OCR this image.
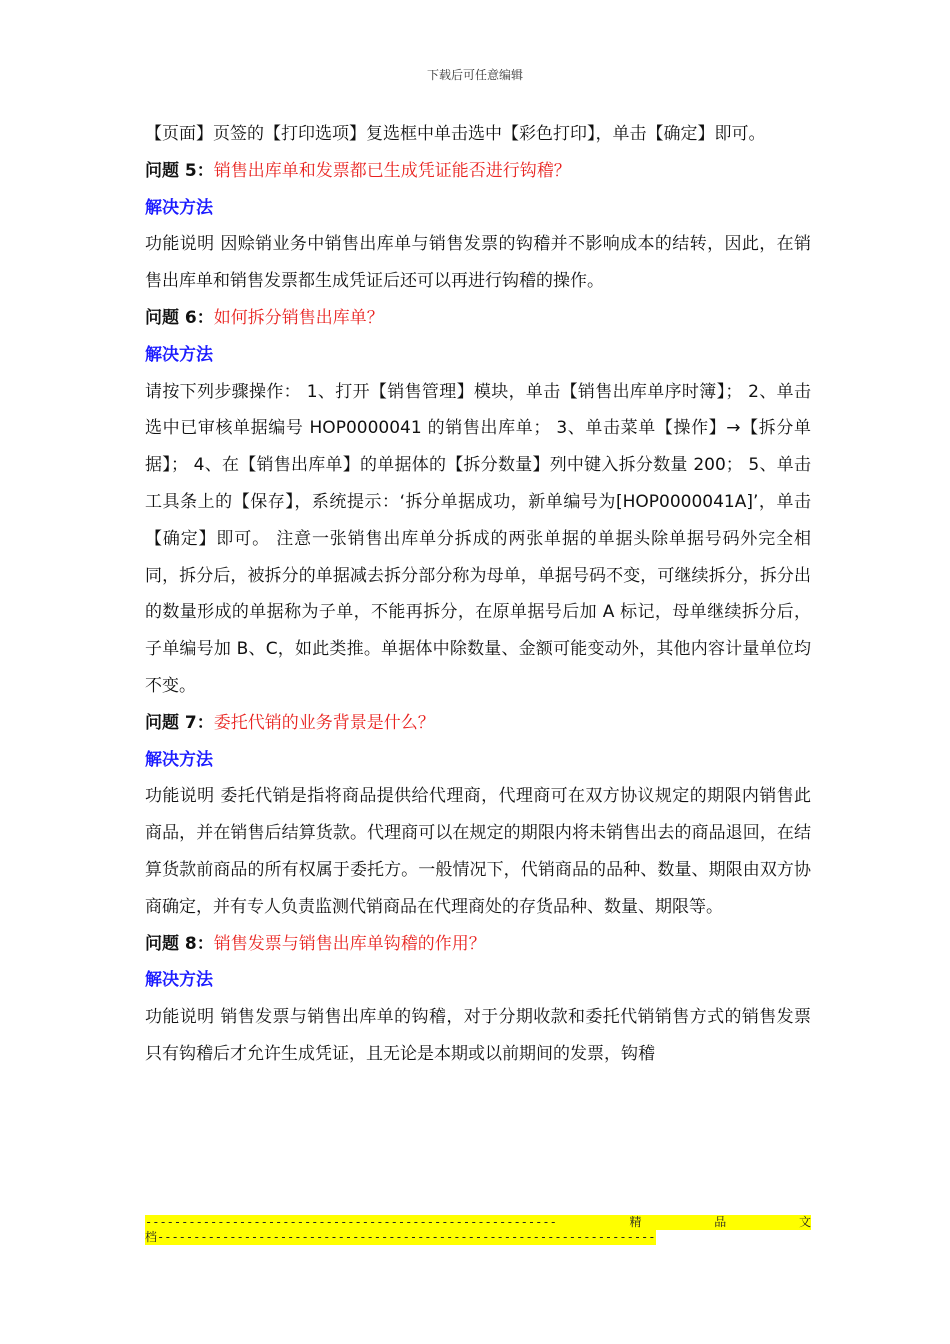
下载后可任意编辑

【页面】页签的【打印选项】复选框中单击选中【彩色打印】，单击【确定】即可。

问题 5：销售出库单和发票都已生成凭证能否进行钩稽？

解决方法

功能说明 因赊销业务中销售出库单与销售发票的钩稽并不影响成本的结转，因此，在销售出库单和销售发票都生成凭证后还可以再进行钩稽的操作。

问题 6：如何拆分销售出库单？

解决方法

请按下列步骤操作： 1、打开【销售管理】模块，单击【销售出库单序时簿】； 2、单击选中已审核单据编号 HOP0000041 的销售出库单； 3、单击菜单【操作】→【拆分单据】； 4、在【销售出库单】的单据体的【拆分数量】列中键入拆分数量 200； 5、单击工具条上的【保存】，系统提示：‘拆分单据成功，新单编号为[HOP0000041A]’，单击【确定】即可。 注意一张销售出库单分拆成的两张单据的单据头除单据号码外完全相同，拆分后，被拆分的单据减去拆分部分称为母单，单据号码不变，可继续拆分，拆分出的数量形成的单据称为子单，不能再拆分，在原单据号后加 A 标记，母单继续拆分后，子单编号加 B、C，如此类推。单据体中除数量、金额可能变动外，其他内容计量单位均不变。

问题 7：委托代销的业务背景是什么？

解决方法

功能说明 委托代销是指将商品提供给代理商，代理商可在双方协议规定的期限内销售此商品，并在销售后结算货款。代理商可以在规定的期限内将未销售出去的商品退回，在结算货款前商品的所有权属于委托方。一般情况下，代销商品的品种、数量、期限由双方协商确定，并有专人负责监测代销商品在代理商处的存货品种、数量、期限等。

问题 8：销售发票与销售出库单钩稽的作用？

解决方法

功能说明 销售发票与销售出库单的钩稽，对于分期收款和委托代销销售方式的销售发票只有钩稽后才允许生成凭证，且无论是本期或以前期间的发票，钩稽

---------------------------------------------------------	精	品	文
档---------------------------------------------------------------------
